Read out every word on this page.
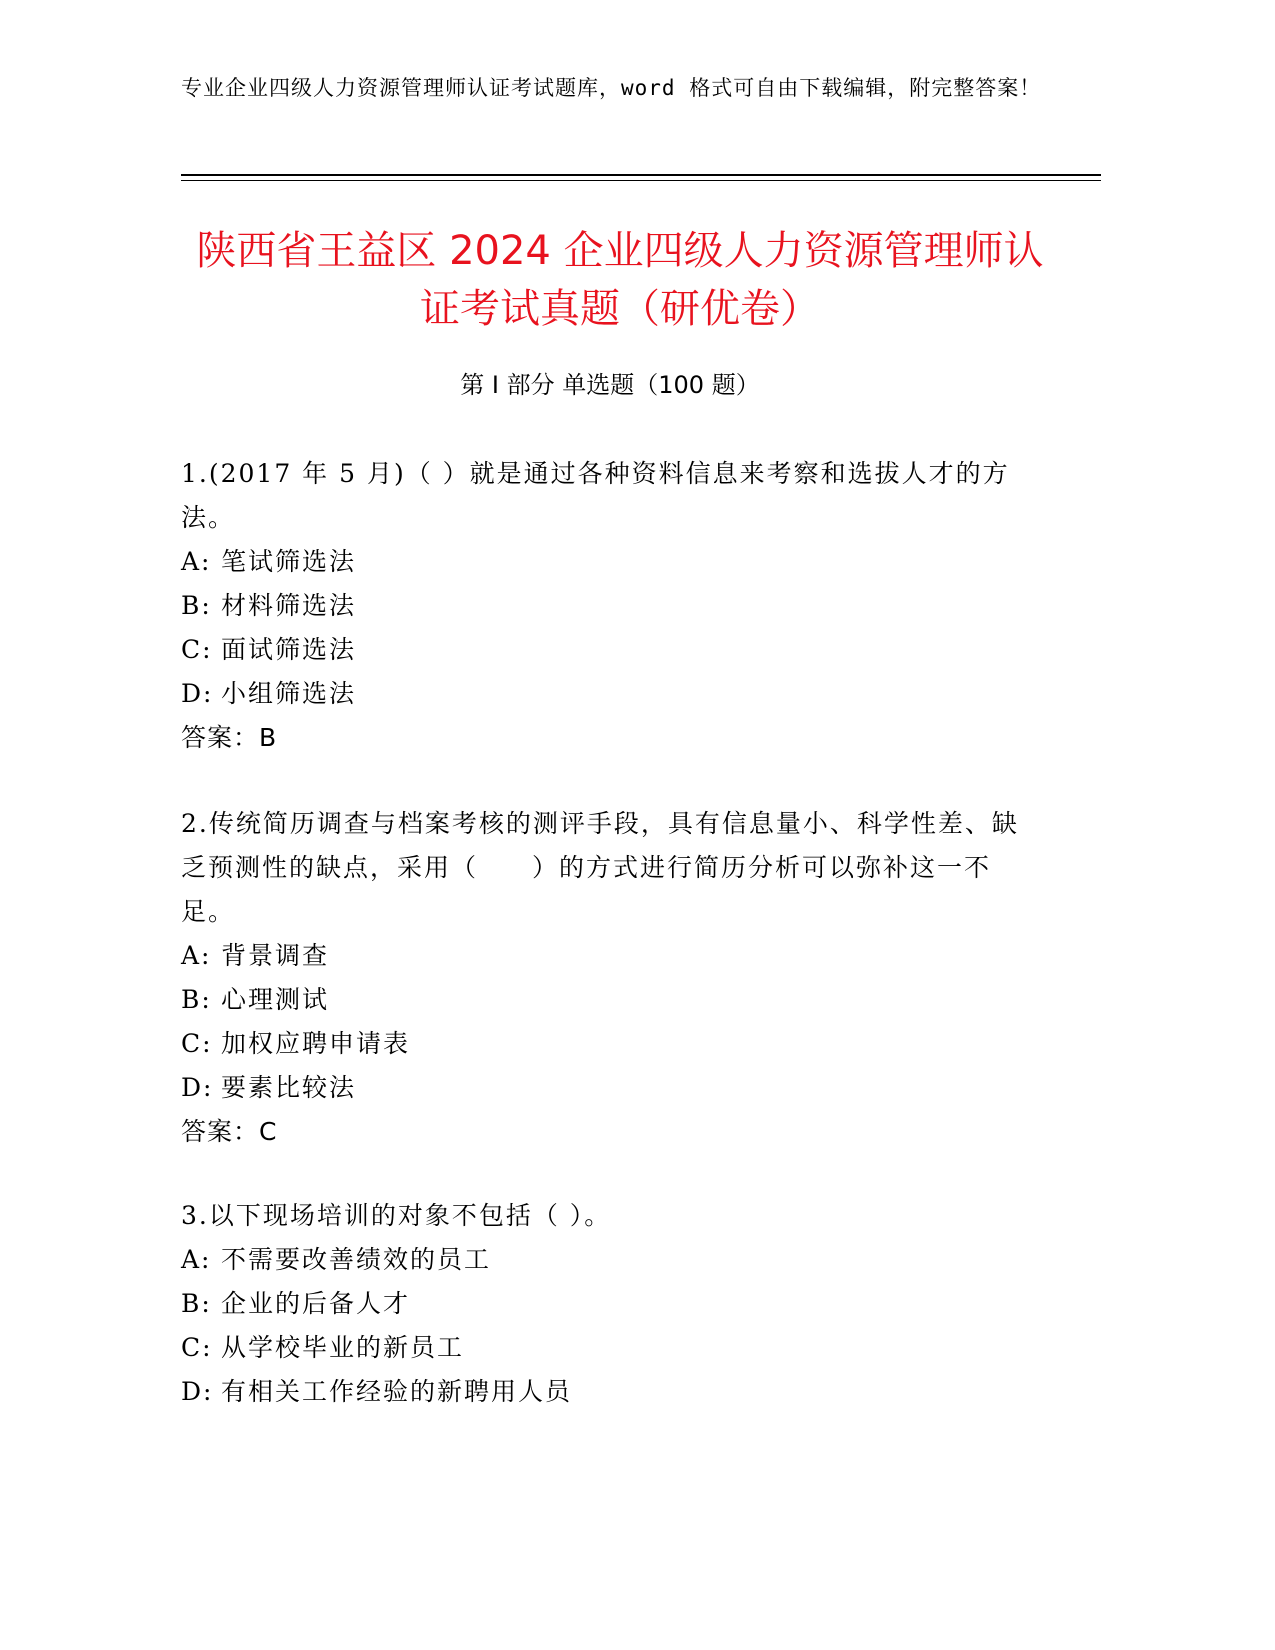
专业企业四级人力资源管理师认证考试题库，word 格式可自由下载编辑，附完整答案！
陕西省王益区 2024 企业四级人力资源管理师认证考试真题（研优卷）
第 I 部分 单选题（100 题）
1.(2017 年 5 月)（ ）就是通过各种资料信息来考察和选拔人才的方法。
A: 笔试筛选法
B: 材料筛选法
C: 面试筛选法
D: 小组筛选法
答案：B
2.传统简历调查与档案考核的测评手段，具有信息量小、科学性差、缺乏预测性的缺点，采用（　　）的方式进行简历分析可以弥补这一不足。
A: 背景调查
B: 心理测试
C: 加权应聘申请表
D: 要素比较法
答案：C
3.以下现场培训的对象不包括（ ）。
A: 不需要改善绩效的员工
B: 企业的后备人才
C: 从学校毕业的新员工
D: 有相关工作经验的新聘用人员
